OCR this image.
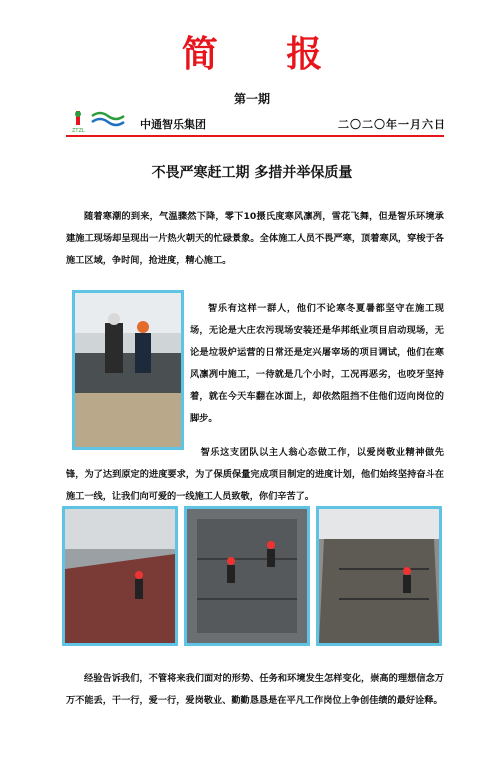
简 报
第一期
ZTZL	中通智乐集团	二〇二〇年一月六日
不畏严寒赶工期 多措并举保质量

随着寒潮的到来，气温骤然下降，零下10摄氏度寒风凛冽，雪花飞舞，但是智乐环境承建施工现场却呈现出一片热火朝天的忙碌景象。全体施工人员不畏严寒，顶着寒风，穿梭于各施工区域，争时间，抢进度，精心施工。

智乐有这样一群人，他们不论寒冬夏暑都坚守在施工现场，无论是大庄农污现场安装还是华邦纸业项目启动现场，无论是垃圾炉运营的日常还是定兴屠宰场的项目调试，他们在寒风凛冽中施工，一待就是几个小时，工况再恶劣，也咬牙坚持着，就在今天车翻在冰面上，却依然阻挡不住他们迈向岗位的脚步。

智乐这支团队以主人翁心态做工作，以爱岗敬业精神做先锋，为了达到原定的进度要求，为了保质保量完成项目制定的进度计划，他们始终坚持奋斗在施工一线，让我们向可爱的一线施工人员致敬，你们辛苦了。

经验告诉我们，不管将来我们面对的形势、任务和环境发生怎样变化，崇高的理想信念万万不能丢，干一行，爱一行，爱岗敬业、勤勤恳恳是在平凡工作岗位上争创佳绩的最好诠释。
